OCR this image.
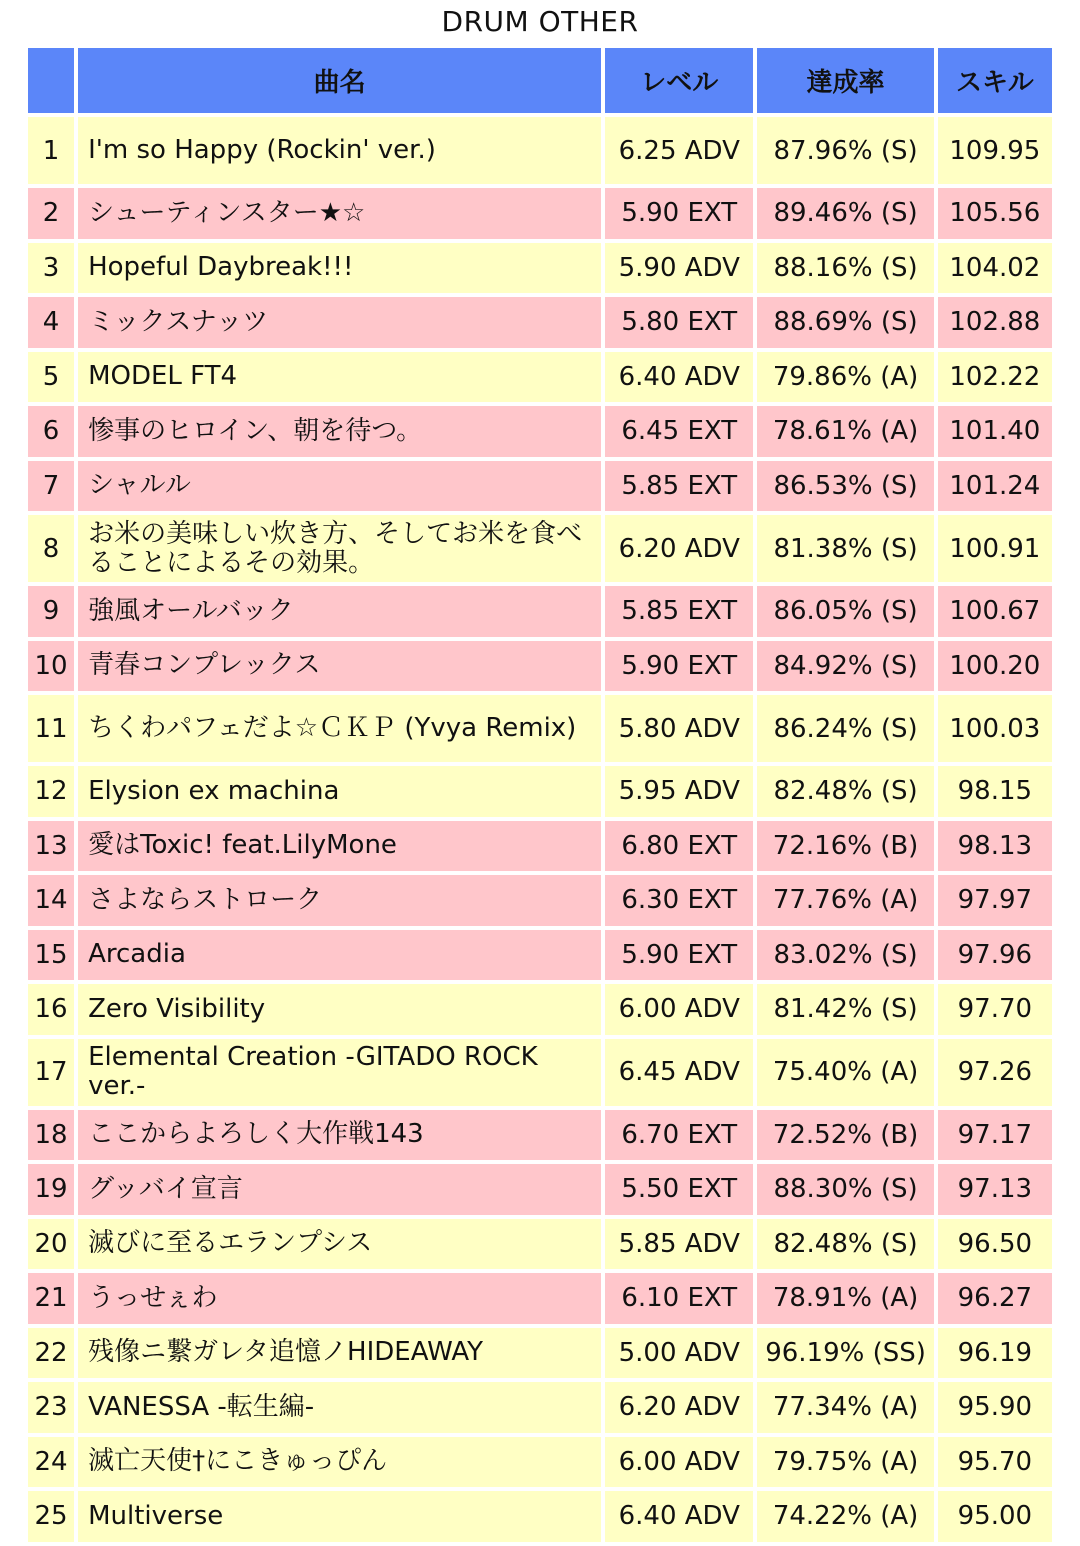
DRUM OTHER
	曲名	レベル	達成率	スキル
1	I'm so Happy (Rockin' ver.)	6.25 ADV	87.96% (S)	109.95
2	シューティンスター★☆	5.90 EXT	89.46% (S)	105.56
3	Hopeful Daybreak!!!	5.90 ADV	88.16% (S)	104.02
4	ミックスナッツ	5.80 EXT	88.69% (S)	102.88
5	MODEL FT4	6.40 ADV	79.86% (A)	102.22
6	惨事のヒロイン、朝を待つ。	6.45 EXT	78.61% (A)	101.40
7	シャルル	5.85 EXT	86.53% (S)	101.24
8	お米の美味しい炊き方、そしてお米を食べることによるその効果。	6.20 ADV	81.38% (S)	100.91
9	強風オールバック	5.85 EXT	86.05% (S)	100.67
10	青春コンプレックス	5.90 EXT	84.92% (S)	100.20
11	ちくわパフェだよ☆ＣＫＰ (Yvya Remix)	5.80 ADV	86.24% (S)	100.03
12	Elysion ex machina	5.95 ADV	82.48% (S)	98.15
13	愛はToxic! feat.LilyMone	6.80 EXT	72.16% (B)	98.13
14	さよならストローク	6.30 EXT	77.76% (A)	97.97
15	Arcadia	5.90 EXT	83.02% (S)	97.96
16	Zero Visibility	6.00 ADV	81.42% (S)	97.70
17	Elemental Creation -GITADO ROCK ver.-	6.45 ADV	75.40% (A)	97.26
18	ここからよろしく大作戦143	6.70 EXT	72.52% (B)	97.17
19	グッバイ宣言	5.50 EXT	88.30% (S)	97.13
20	滅びに至るエランプシス	5.85 ADV	82.48% (S)	96.50
21	うっせぇわ	6.10 EXT	78.91% (A)	96.27
22	残像ニ繋ガレタ追憶ノHIDEAWAY	5.00 ADV	96.19% (SS)	96.19
23	VANESSA -転生編-	6.20 ADV	77.34% (A)	95.90
24	滅亡天使†にこきゅっぴん	6.00 ADV	79.75% (A)	95.70
25	Multiverse	6.40 ADV	74.22% (A)	95.00
